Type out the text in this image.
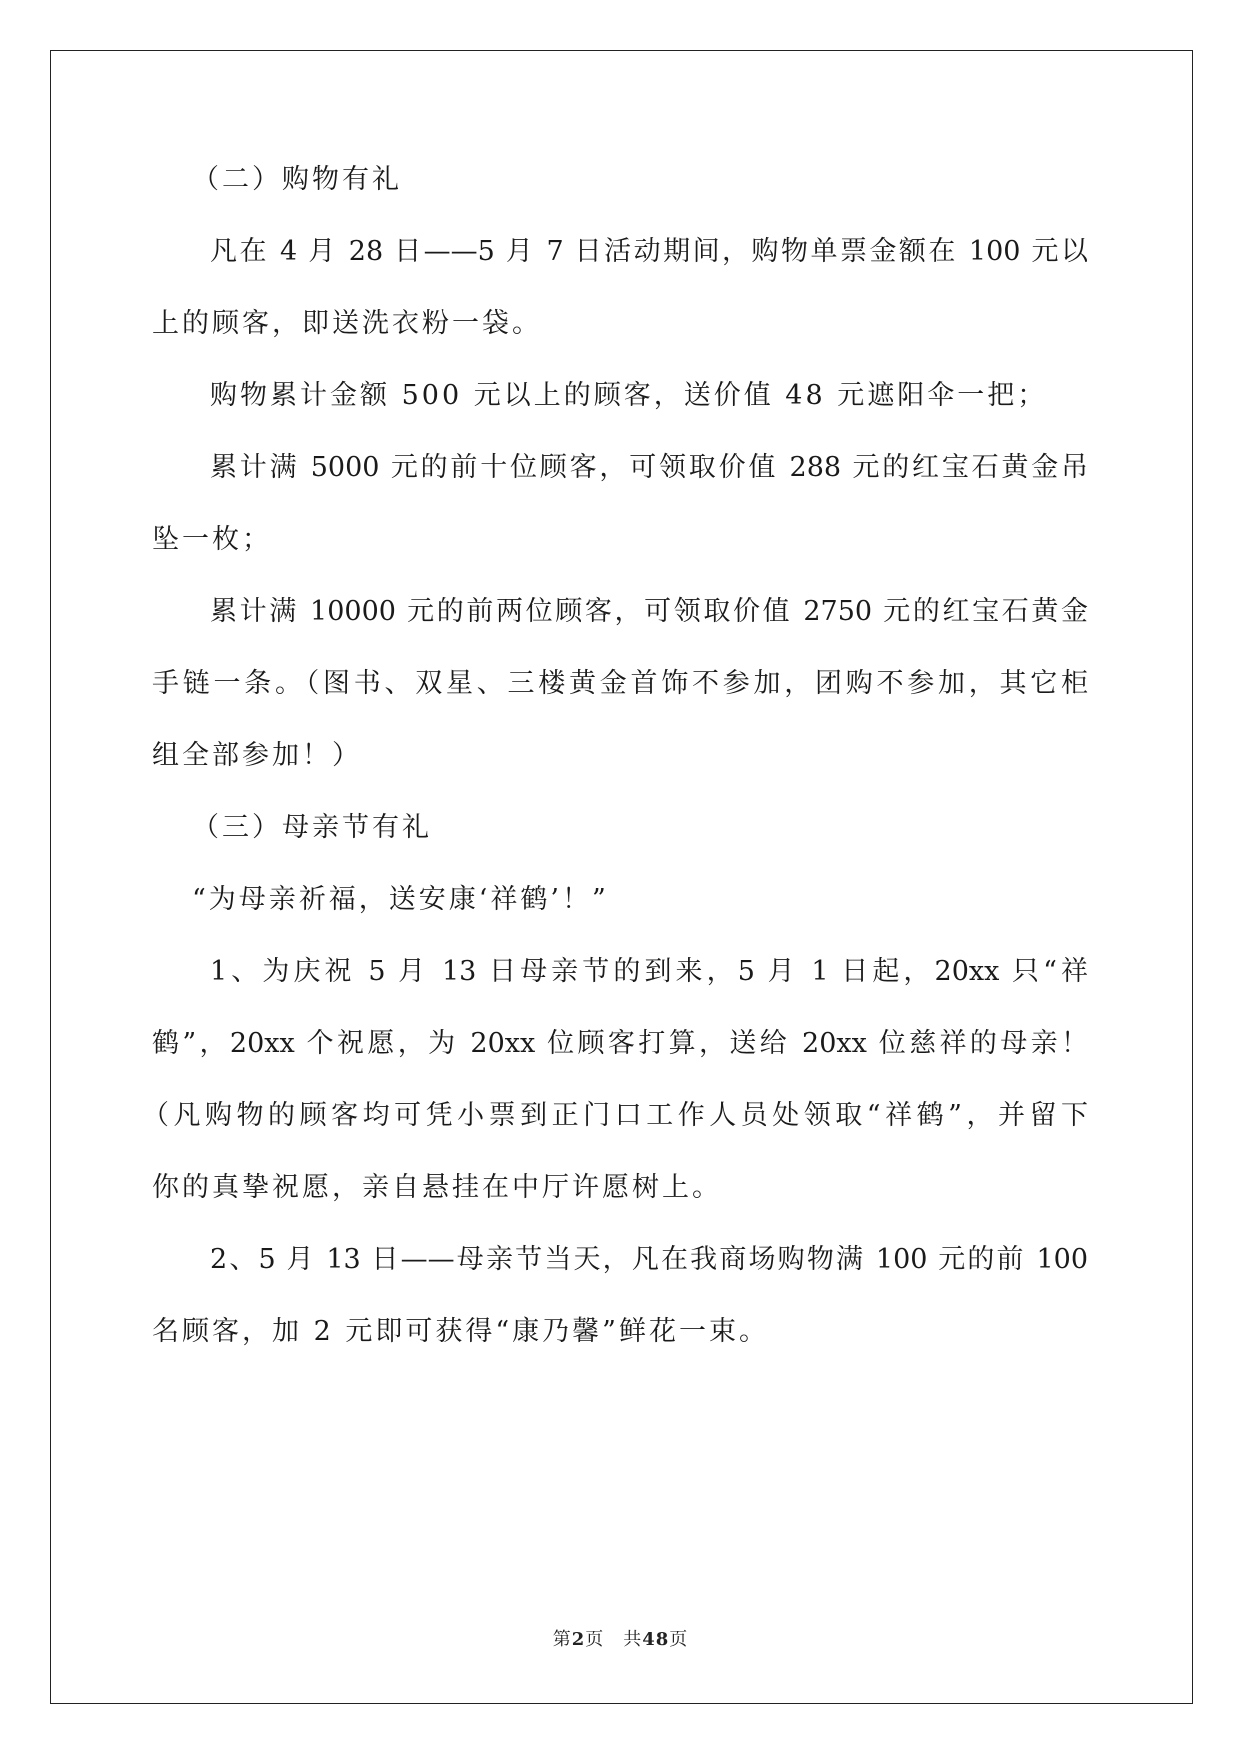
（二）购物有礼
凡在 4 月 28 日——5 月 7 日活动期间，购物单票金额在 100 元以
上的顾客，即送洗衣粉一袋。
购物累计金额 500 元以上的顾客，送价值 48 元遮阳伞一把；
累计满 5000 元的前十位顾客，可领取价值 288 元的红宝石黄金吊
坠一枚；
累计满 10000 元的前两位顾客，可领取价值 2750 元的红宝石黄金
手链一条。（图书、双星、三楼黄金首饰不参加，团购不参加，其它柜
组全部参加！）
（三）母亲节有礼
“为母亲祈福，送安康‘祥鹤’！”
1、为庆祝 5 月 13 日母亲节的到来，5 月 1 日起，20xx 只“祥
鹤”，20xx 个祝愿，为 20xx 位顾客打算，送给 20xx 位慈祥的母亲！
（凡购物的顾客均可凭小票到正门口工作人员处领取“祥鹤”，并留下
你的真挚祝愿，亲自悬挂在中厅许愿树上。
2、5 月 13 日——母亲节当天，凡在我商场购物满 100 元的前 100
名顾客，加 2 元即可获得“康乃馨”鲜花一束。
第2页　共48页
